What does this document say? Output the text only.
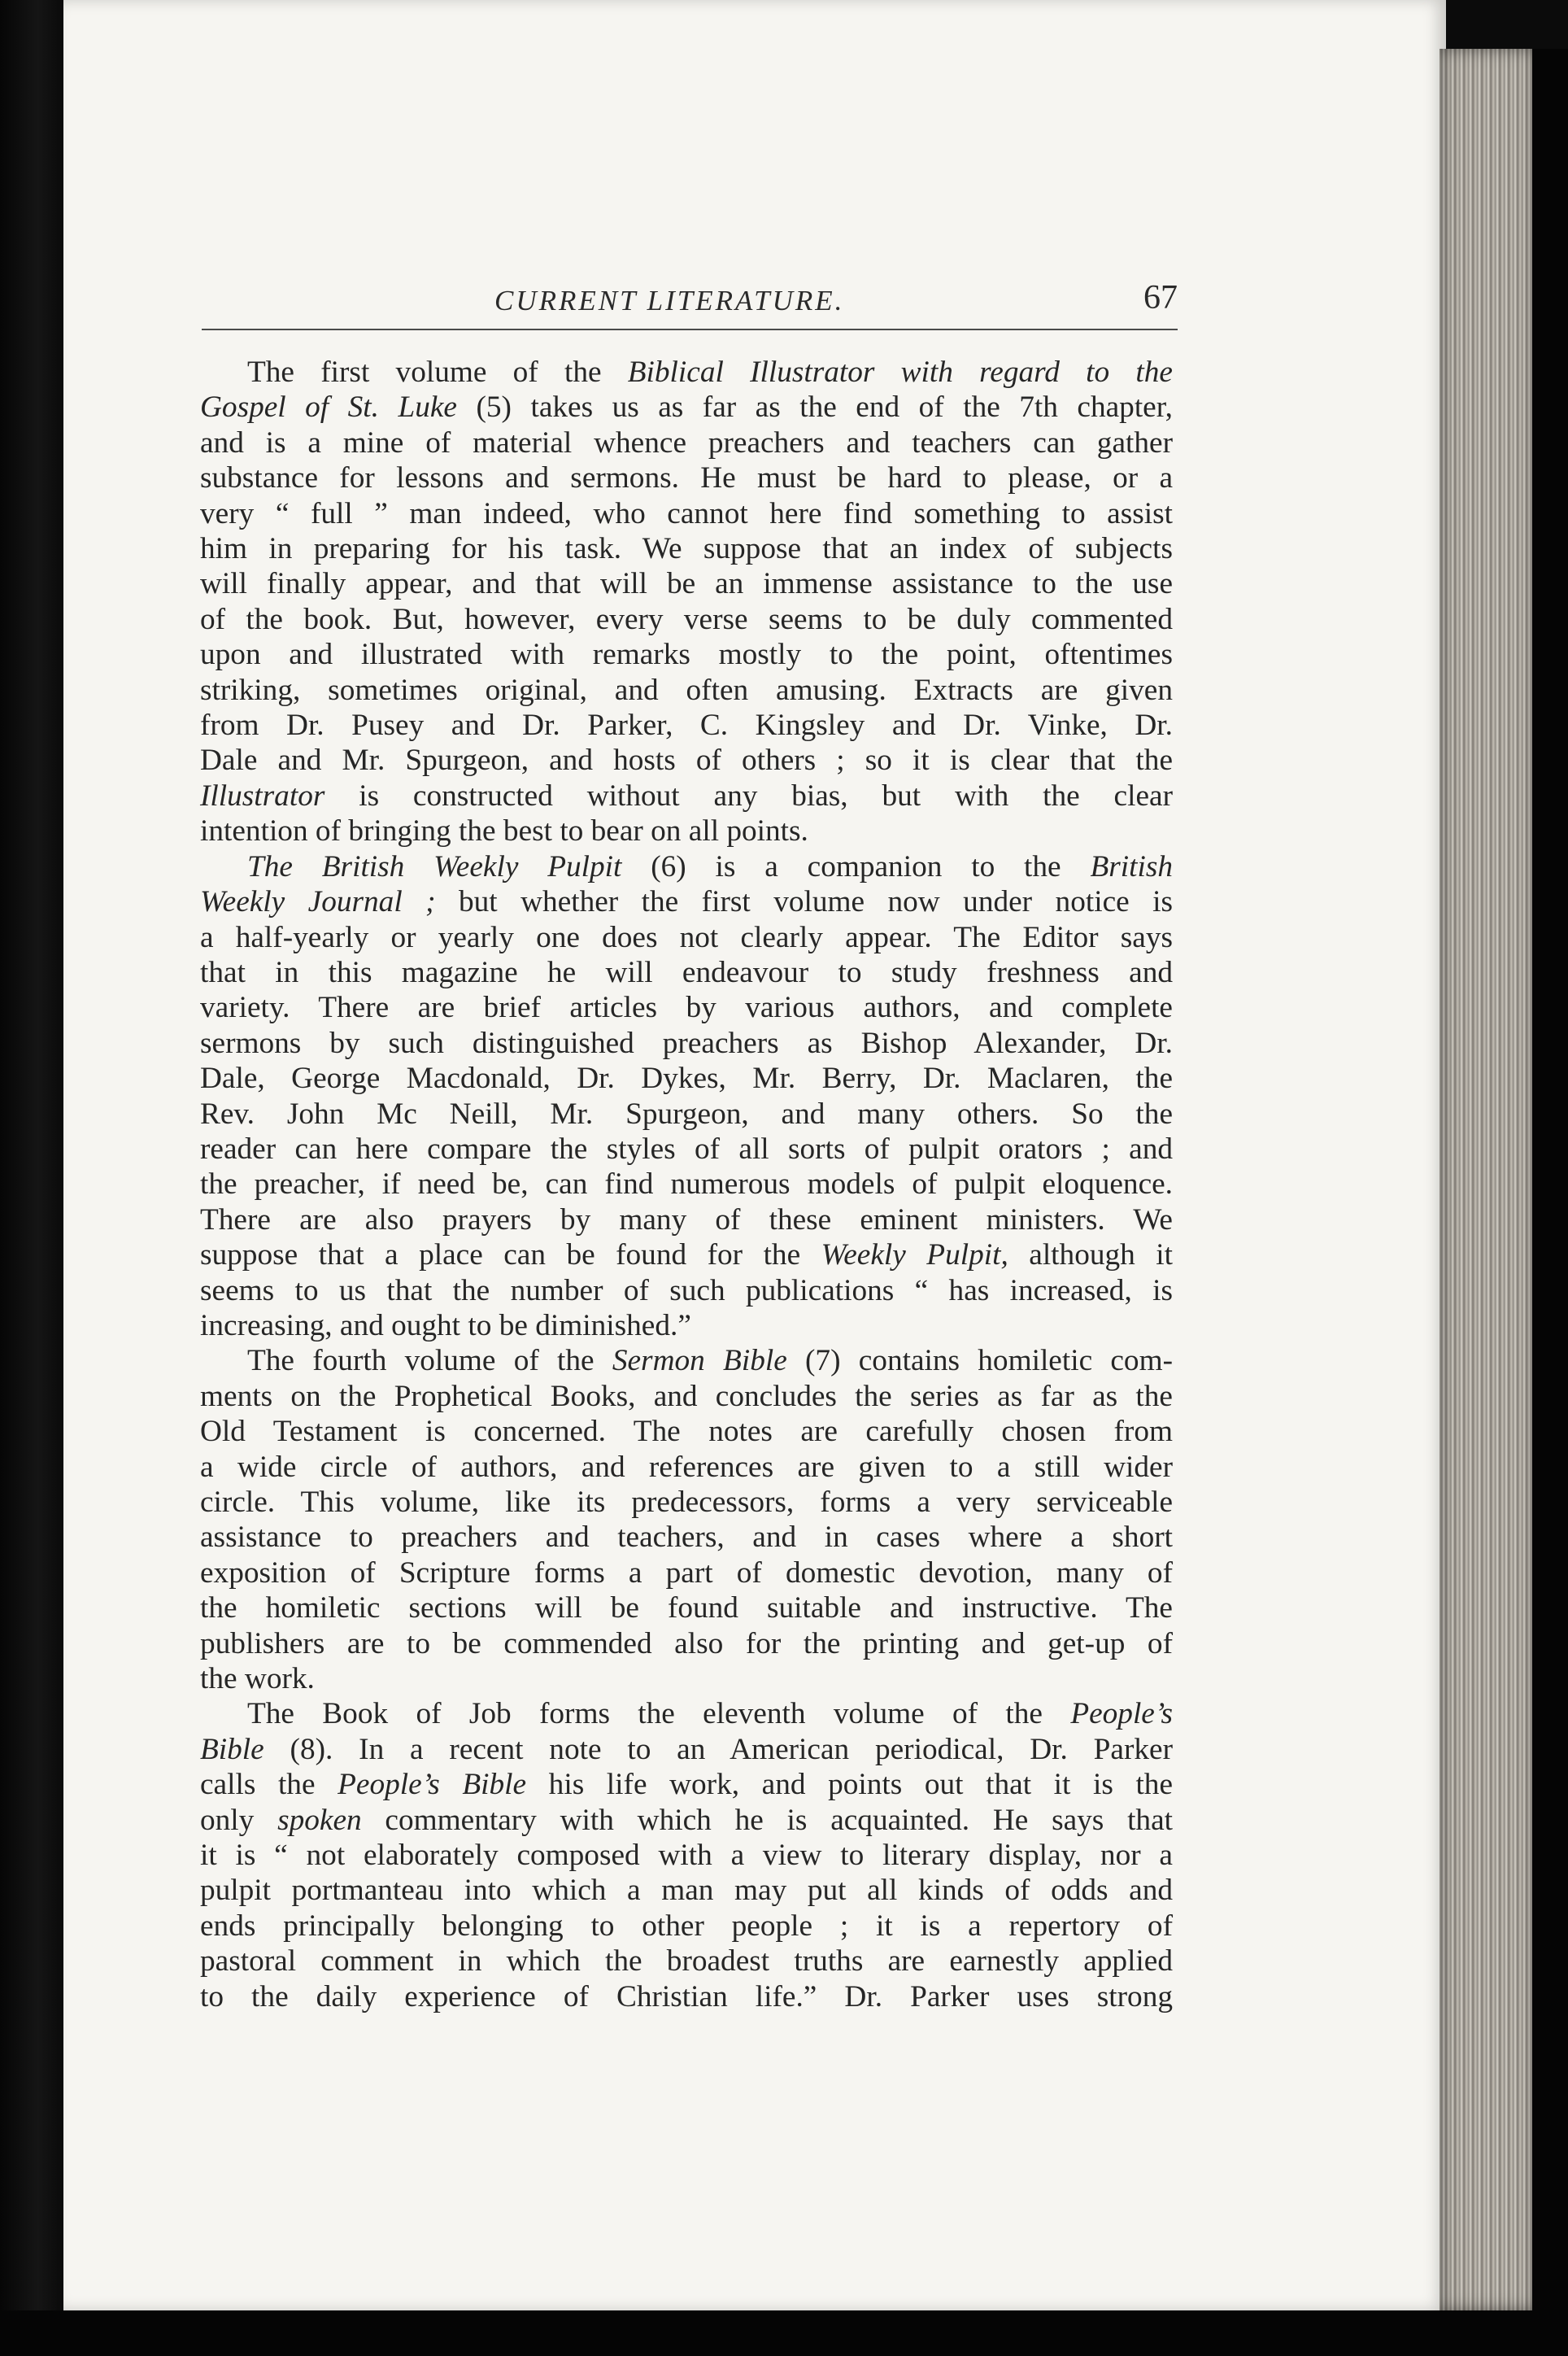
CURRENT LITERATURE.	67
The first volume of the Biblical Illustrator with regard to the
Gospel of St. Luke (5) takes us as far as the end of the 7th chapter,
and is a mine of material whence preachers and teachers can gather
substance for lessons and sermons. He must be hard to please, or a
very “ full ” man indeed, who cannot here find something to assist
him in preparing for his task. We suppose that an index of subjects
will finally appear, and that will be an immense assistance to the use
of the book. But, however, every verse seems to be duly commented
upon and illustrated with remarks mostly to the point, oftentimes
striking, sometimes original, and often amusing. Extracts are given
from Dr. Pusey and Dr. Parker, C. Kingsley and Dr. Vinke, Dr.
Dale and Mr. Spurgeon, and hosts of others ; so it is clear that the
Illustrator is constructed without any bias, but with the clear
intention of bringing the best to bear on all points.
The British Weekly Pulpit (6) is a companion to the British
Weekly Journal ; but whether the first volume now under notice is
a half-yearly or yearly one does not clearly appear. The Editor says
that in this magazine he will endeavour to study freshness and
variety. There are brief articles by various authors, and complete
sermons by such distinguished preachers as Bishop Alexander, Dr.
Dale, George Macdonald, Dr. Dykes, Mr. Berry, Dr. Maclaren, the
Rev. John Mc Neill, Mr. Spurgeon, and many others. So the
reader can here compare the styles of all sorts of pulpit orators ; and
the preacher, if need be, can find numerous models of pulpit eloquence.
There are also prayers by many of these eminent ministers. We
suppose that a place can be found for the Weekly Pulpit, although it
seems to us that the number of such publications “ has increased, is
increasing, and ought to be diminished.”
The fourth volume of the Sermon Bible (7) contains homiletic com-
ments on the Prophetical Books, and concludes the series as far as the
Old Testament is concerned. The notes are carefully chosen from
a wide circle of authors, and references are given to a still wider
circle. This volume, like its predecessors, forms a very serviceable
assistance to preachers and teachers, and in cases where a short
exposition of Scripture forms a part of domestic devotion, many of
the homiletic sections will be found suitable and instructive. The
publishers are to be commended also for the printing and get-up of
the work.
The Book of Job forms the eleventh volume of the People’s
Bible (8). In a recent note to an American periodical, Dr. Parker
calls the People’s Bible his life work, and points out that it is the
only spoken commentary with which he is acquainted. He says that
it is “ not elaborately composed with a view to literary display, nor a
pulpit portmanteau into which a man may put all kinds of odds and
ends principally belonging to other people ; it is a repertory of
pastoral comment in which the broadest truths are earnestly applied
to the daily experience of Christian life.” Dr. Parker uses strong
